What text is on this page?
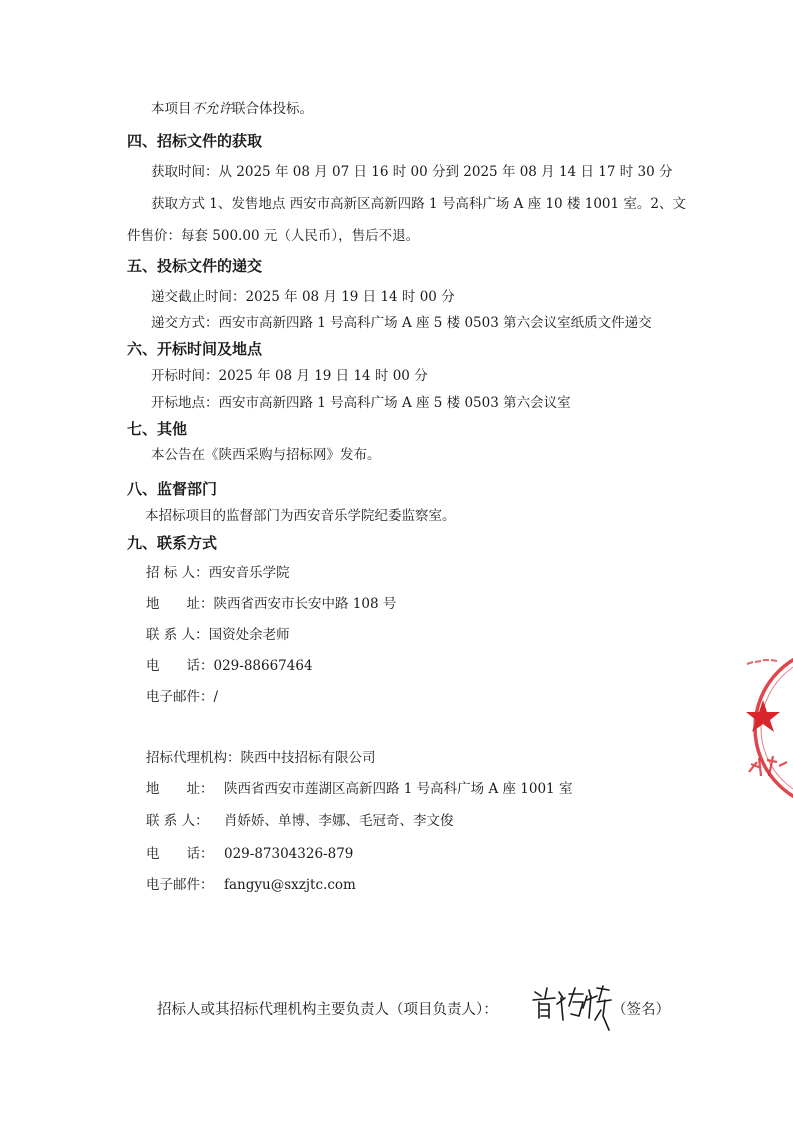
本项目不允许联合体投标。
四、招标文件的获取
获取时间：从 2025 年 08 月 07 日 16 时 00 分到 2025 年 08 月 14 日 17 时 30 分
获取方式 1、发售地点 西安市高新区高新四路 1 号高科广场 A 座 10 楼 1001 室。2、文
件售价：每套 500.00 元（人民币），售后不退。
五、投标文件的递交
递交截止时间：2025 年 08 月 19 日 14 时 00 分
递交方式：西安市高新四路 1 号高科广场 A 座 5 楼 0503 第六会议室纸质文件递交
六、开标时间及地点
开标时间：2025 年 08 月 19 日 14 时 00 分
开标地点：西安市高新四路 1 号高科广场 A 座 5 楼 0503 第六会议室
七、其他
本公告在《陕西采购与招标网》发布。
八、监督部门
本招标项目的监督部门为西安音乐学院纪委监察室。
九、联系方式
招 标 人：西安音乐学院
地　　址：陕西省西安市长安中路 108 号
联 系 人：国资处余老师
电　　话：029-88667464
电子邮件：/
招标代理机构：陕西中技招标有限公司
地　　址： 陕西省西安市莲湖区高新四路 1 号高科广场 A 座 1001 室
联 系 人： 肖娇娇、单博、李娜、毛冠奇、李文俊
电　　话： 029-87304326-879
电子邮件： fangyu@sxzjtc.com
招标人或其招标代理机构主要负责人（项目负责人）：	（签名）
